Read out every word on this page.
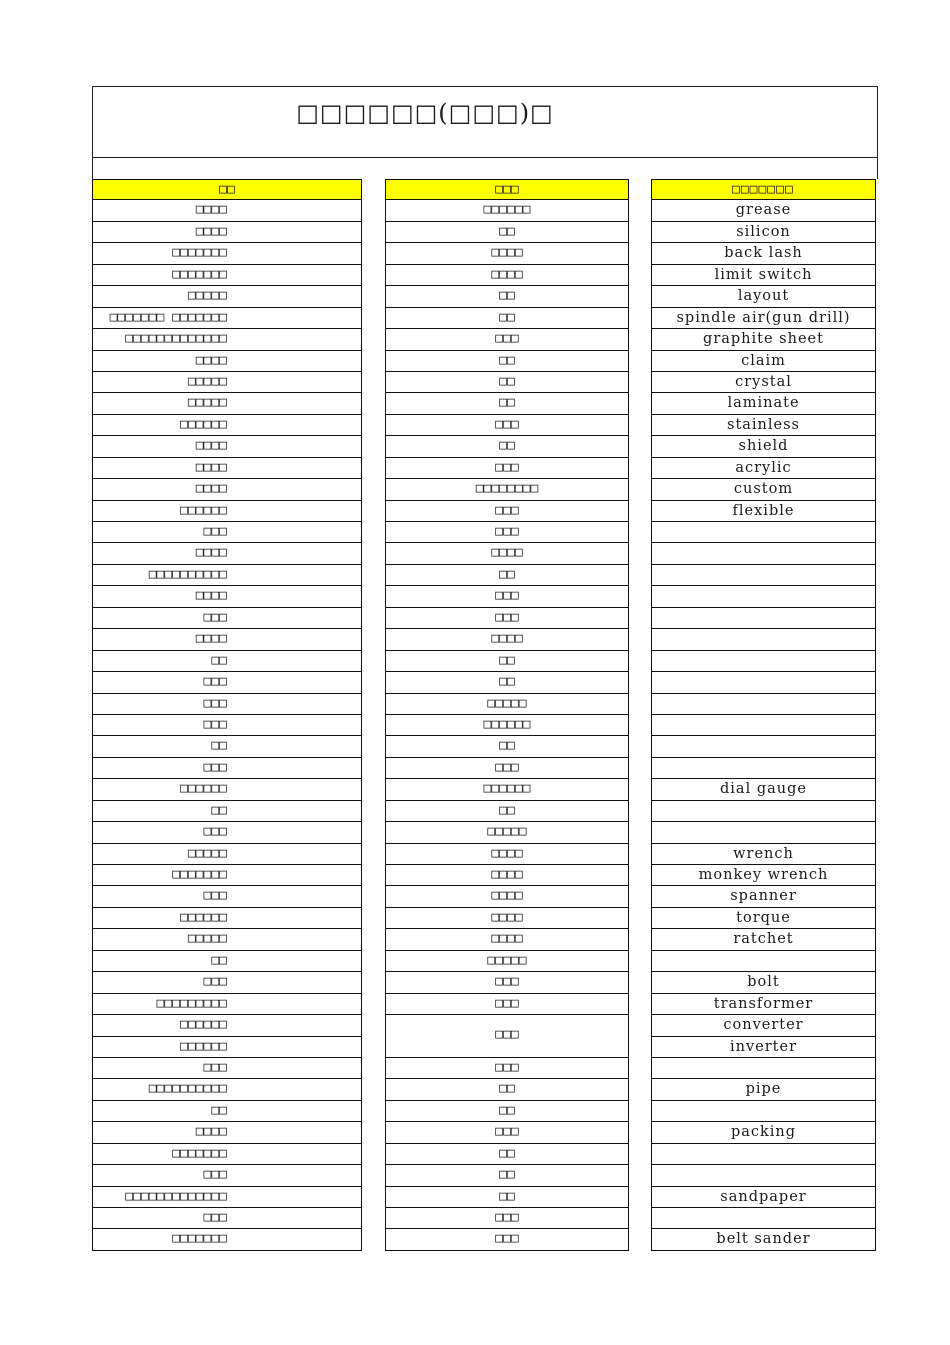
□□□□□□(□□□)□
□□
□□□□
□□□□
□□□□□□□
□□□□□□□
□□□□□
□□□□□□□ □□□□□□□
□□□□□□□□□□□□□
□□□□
□□□□□
□□□□□
□□□□□□
□□□□
□□□□
□□□□
□□□□□□
□□□
□□□□
□□□□□□□□□□
□□□□
□□□
□□□□
□□
□□□
□□□
□□□
□□
□□□
□□□□□□
□□
□□□
□□□□□
□□□□□□□
□□□
□□□□□□
□□□□□
□□
□□□
□□□□□□□□□
□□□□□□
□□□□□□
□□□
□□□□□□□□□□
□□
□□□□
□□□□□□□
□□□
□□□□□□□□□□□□□
□□□
□□□□□□□
□□□
□□□□□□
□□
□□□□
□□□□
□□
□□
□□□
□□
□□
□□
□□□
□□
□□□
□□□□□□□□
□□□
□□□
□□□□
□□
□□□
□□□
□□□□
□□
□□
□□□□□
□□□□□□
□□
□□□
□□□□□□
□□
□□□□□
□□□□
□□□□
□□□□
□□□□
□□□□
□□□□□
□□□
□□□
□□□
□□□
□□
□□
□□□
□□
□□
□□
□□□
□□□
□□□□□□□
grease
silicon
back lash
limit switch
layout
spindle air(gun drill)
graphite sheet
claim
crystal
laminate
stainless
shield
acrylic
custom
flexible
dial gauge
wrench
monkey wrench
spanner
torque
ratchet
bolt
transformer
converter
inverter
pipe
packing
sandpaper
belt sander
